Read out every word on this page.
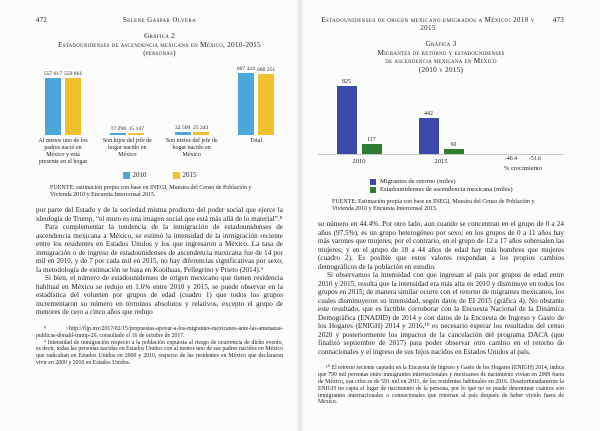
472	Selene Gaspar Olvera
Gráfica 2
Estadounidenses de ascendencia mexicana en México, 2010-2015
(personas)
557 617 559 661
Al menos uno de los padres nació en México y está presente en el hogar
17 298 15 147
Son hijos del jefe de hogar nacido en México
32 509 25 243
Son nietos del jefe de hogar nacido en México
607 424 600 251
Total
2010	2015
FUENTE: estimación propia con base en INEGI, Muestra del Censo de Población y Vivienda 2010 y Encuesta Intercensal 2015.

por parte del Estado y de la sociedad misma producto del poder social que ejerce la ideología de Trump, “el muro es una imagen social que está más allá de lo material”.⁸

Para complementar la tendencia de la inmigración de estadounidenses de ascendencia mexicana a México, se estimó la intensidad de la inmigración reciente entre los residentes en Estados Unidos y los que ingresaron a México. La tasa de inmigración o de ingreso de estadounidenses de ascendencia mexicana fue de 14 por mil en 2010, y de 7 por cada mil en 2015, no hay diferencias significativas por sexo; la metodología de estimación se basa en Koolhaas, Pellegrino y Prieto (2014).⁹

Si bien, el número de estadounidenses de origen mexicano que tienen residencia habitual en México se redujo en 1.6% entre 2010 y 2015, se puede observar en la estadística del volumen por grupos de edad (cuadro 1) que todos los grupos incrementaron su número en términos absolutos y relativos, excepto el grupo de menores de cero a cinco años que redujo

⁸ <http://fljp.mx/2017/02/15/propuestas-apoyar-a-los-migrantes-mexicanos-ante-las-amenazas-publicas-donald-trump-26, consultado el 16 de octubre de 2017.

⁹ Intensidad de inmigración respecto a la población expuesta al riesgo de ocurrencia de dicho evento, es decir, todas las personas nacidas en Estados Unidos con al menos uno de sus padres nacidos en México que radicaban en Estados Unidos en 2000 y 2010, respecto de las residentes en México que declararon vivir en 2000 y 2010 en Estados Unidos.

Estadounidenses de origen mexicano emigrados a México: 2010 y 2015
473
Gráfica 3
Migrantes de retorno y estadounidenses
de ascendencia mexicana en México
(2010 y 2015)
825
117
442
60
2010	2015	-46.4 -51.6
% crecimiento
Migrantes de retorno (miles)
Estadounidenses de ascendencia mexicana (miles)
FUENTE: Estimación propia con base en INEGI, Muestra del Censo de Población y Vivienda 2010 y Encuesta Intercensal 2015.

su número en 44.4%. Por otro lado, aun cuando se concentran en el grupo de 0 a 24 años (97.5%), es un grupo heterogéneo por sexo; en los grupos de 0 a 11 años hay más varones que mujeres; por el contrario, en el grupo de 12 a 17 años sobresalen las mujeres; y en el grupo de 18 a 44 años de edad hay más hombres que mujeres (cuadro 2). Es posible que estos valores respondan a los propios cambios demográficos de la población en estudio.

Si observamos la intensidad con que ingresan al país por grupos de edad entre 2010 y 2015, resulta que la intensidad era más alta en 2010 y disminuye en todos los grupos en 2015; de manera similar ocurre con el retorno de migrantes mexicanos, los cuales disminuyeron su intensidad, según datos de EI 2015 (gráfica 4). No obstante este resultado, que es factible corroborar con la Encuesta Nacional de la Dinámica Demográfica (ENADID) de 2014 y con datos de la Encuesta de Ingreso y Gasto de los Hogares (ENIGH) 2014 y 2016,¹⁰ es necesario esperar los resultados del censo 2020 y posteriormente los impactos de la cancelación del programa DACA (que finalizó septiembre de 2017) para poder observar otro cambio en el retorno de connacionales y el ingreso de sus hijos nacidos en Estados Unidos al país.

¹⁰ El retorno reciente captado en la Encuesta de Ingreso y Gasto de los Hogares (ENIGH) 2014, indica que 790 mil personas entre inmigrantes internacionales y mexicanos de nacimiento vivían en 2009 fuera de México, esa cifra es de 591 mil en 2011, de los residentes habituales en 2016. Desafortunadamente la ENIGH no capta el lugar de nacimiento de la persona, por lo que no se puede determinar cuántos son inmigrantes internacionales o connacionales que retornan al país después de haber vivido fuera de México.
